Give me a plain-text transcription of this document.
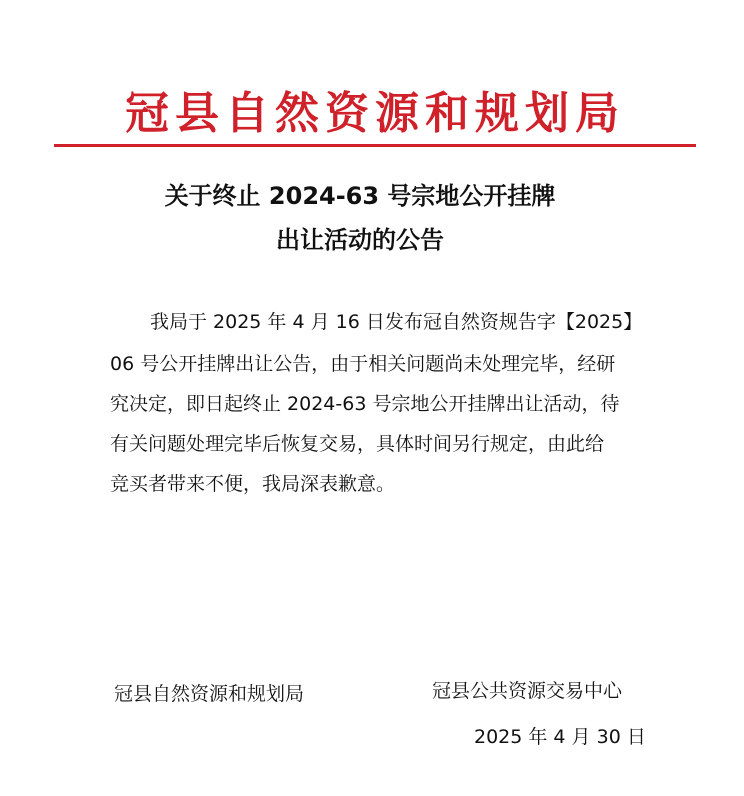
冠县自然资源和规划局
关于终止 2024-63 号宗地公开挂牌
出让活动的公告
我局于 2025 年 4 月 16 日发布冠自然资规告字【2025】
06 号公开挂牌出让公告，由于相关问题尚未处理完毕，经研
究决定，即日起终止 2024-63 号宗地公开挂牌出让活动，待
有关问题处理完毕后恢复交易，具体时间另行规定，由此给
竞买者带来不便，我局深表歉意。
冠县自然资源和规划局	冠县公共资源交易中心
2025 年 4 月 30 日
